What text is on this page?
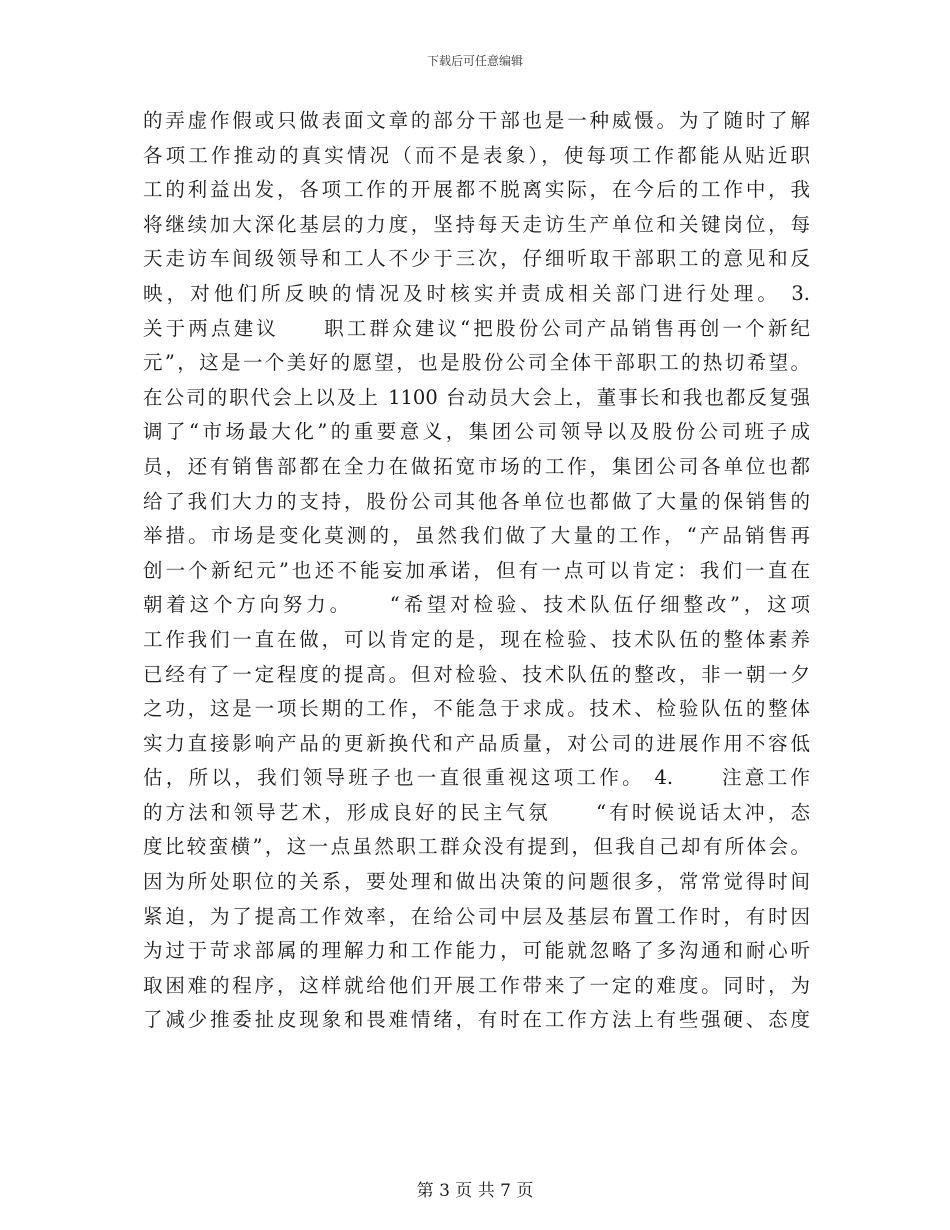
下载后可任意编辑
的弄虚作假或只做表面文章的部分干部也是一种威慑。为了随时了解
各项工作推动的真实情况（而不是表象），使每项工作都能从贴近职
工的利益出发，各项工作的开展都不脱离实际，在今后的工作中，我
将继续加大深化基层的力度，坚持每天走访生产单位和关键岗位，每
天走访车间级领导和工人不少于三次，仔细听取干部职工的意见和反
映，对他们所反映的情况及时核实并责成相关部门进行处理。 3.
关于两点建议　　职工群众建议“把股份公司产品销售再创一个新纪
元”，这是一个美好的愿望，也是股份公司全体干部职工的热切希望。
在公司的职代会上以及上 1100 台动员大会上，董事长和我也都反复强
调了“市场最大化”的重要意义，集团公司领导以及股份公司班子成
员，还有销售部都在全力在做拓宽市场的工作，集团公司各单位也都
给了我们大力的支持，股份公司其他各单位也都做了大量的保销售的
举措。市场是变化莫测的，虽然我们做了大量的工作，“产品销售再
创一个新纪元”也还不能妄加承诺，但有一点可以肯定：我们一直在
朝着这个方向努力。　　“希望对检验、技术队伍仔细整改”，这项
工作我们一直在做，可以肯定的是，现在检验、技术队伍的整体素养
已经有了一定程度的提高。但对检验、技术队伍的整改，非一朝一夕
之功，这是一项长期的工作，不能急于求成。技术、检验队伍的整体
实力直接影响产品的更新换代和产品质量，对公司的进展作用不容低
估，所以，我们领导班子也一直很重视这项工作。 4.　　注意工作
的方法和领导艺术，形成良好的民主气氛　　“有时候说话太冲，态
度比较蛮横”，这一点虽然职工群众没有提到，但我自己却有所体会。
因为所处职位的关系，要处理和做出决策的问题很多，常常觉得时间
紧迫，为了提高工作效率，在给公司中层及基层布置工作时，有时因
为过于苛求部属的理解力和工作能力，可能就忽略了多沟通和耐心听
取困难的程序，这样就给他们开展工作带来了一定的难度。同时，为
了减少推委扯皮现象和畏难情绪，有时在工作方法上有些强硬、态度
第 3 页 共 7 页
